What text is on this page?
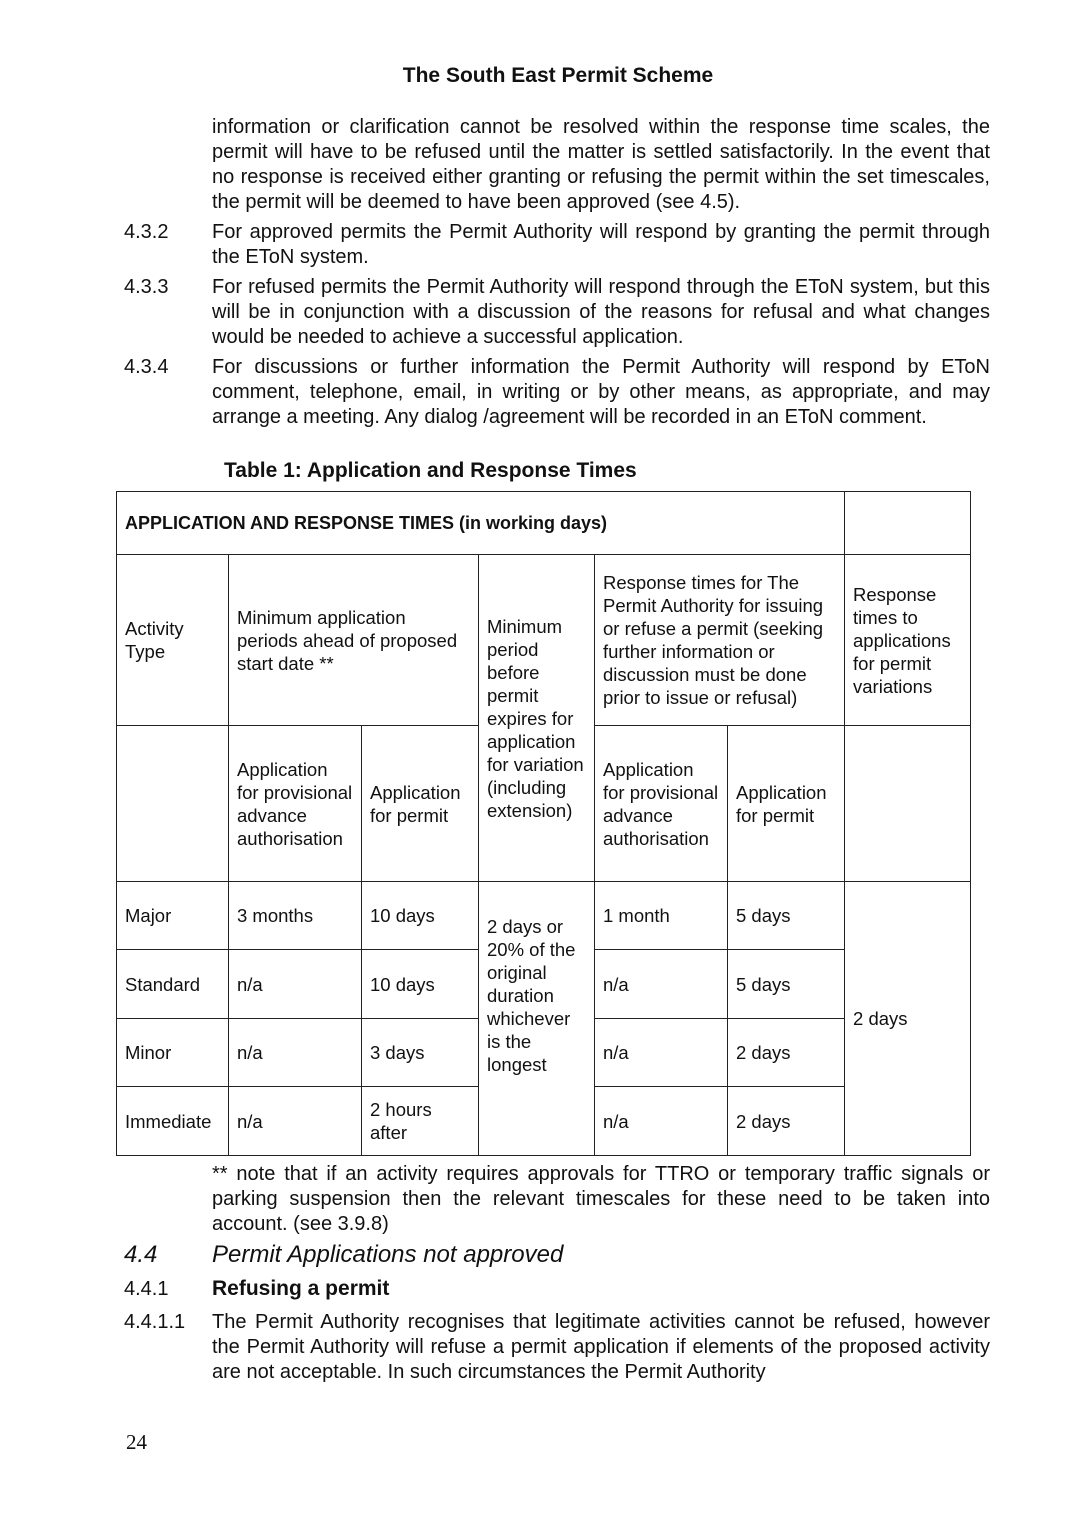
The South East Permit Scheme
information or clarification cannot be resolved within the response time scales, the permit will have to be refused until the matter is settled satisfactorily. In the event that no response is received either granting or refusing the permit within the set timescales, the permit will be deemed to have been approved (see 4.5).
4.3.2 For approved permits the Permit Authority will respond by granting the permit through the EToN system.
4.3.3 For refused permits the Permit Authority will respond through the EToN system, but this will be in conjunction with a discussion of the reasons for refusal and what changes would be needed to achieve a successful application.
4.3.4 For discussions or further information the Permit Authority will respond by EToN comment, telephone, email, in writing or by other means, as appropriate, and may arrange a meeting. Any dialog /agreement will be recorded in an EToN comment.
Table 1: Application and Response Times
APPLICATION AND RESPONSE TIMES (in working days)						
Activity Type	Minimum application periods ahead of proposed start date **		Minimum period before permit expires for application for variation (including extension)	Response times for The Permit Authority for issuing or refuse a permit (seeking further information or discussion must be done prior to issue or refusal)		Response times to applications for permit variations
	Application for provisional advance authorisation	Application for permit		Application for provisional advance authorisation	Application for permit	
Major	3 months	10 days	2 days or 20% of the original duration whichever is the longest	1 month	5 days	2 days
Standard	n/a	10 days		n/a	5 days	
Minor	n/a	3 days		n/a	2 days	
Immediate	n/a	2 hours after		n/a	2 days	
** note that if an activity requires approvals for TTRO or temporary traffic signals or parking suspension then the relevant timescales for these need to be taken into account. (see 3.9.8)
4.4 Permit Applications not approved
4.4.1 Refusing a permit
4.4.1.1 The Permit Authority recognises that legitimate activities cannot be refused, however the Permit Authority will refuse a permit application if elements of the proposed activity are not acceptable. In such circumstances the Permit Authority
24
